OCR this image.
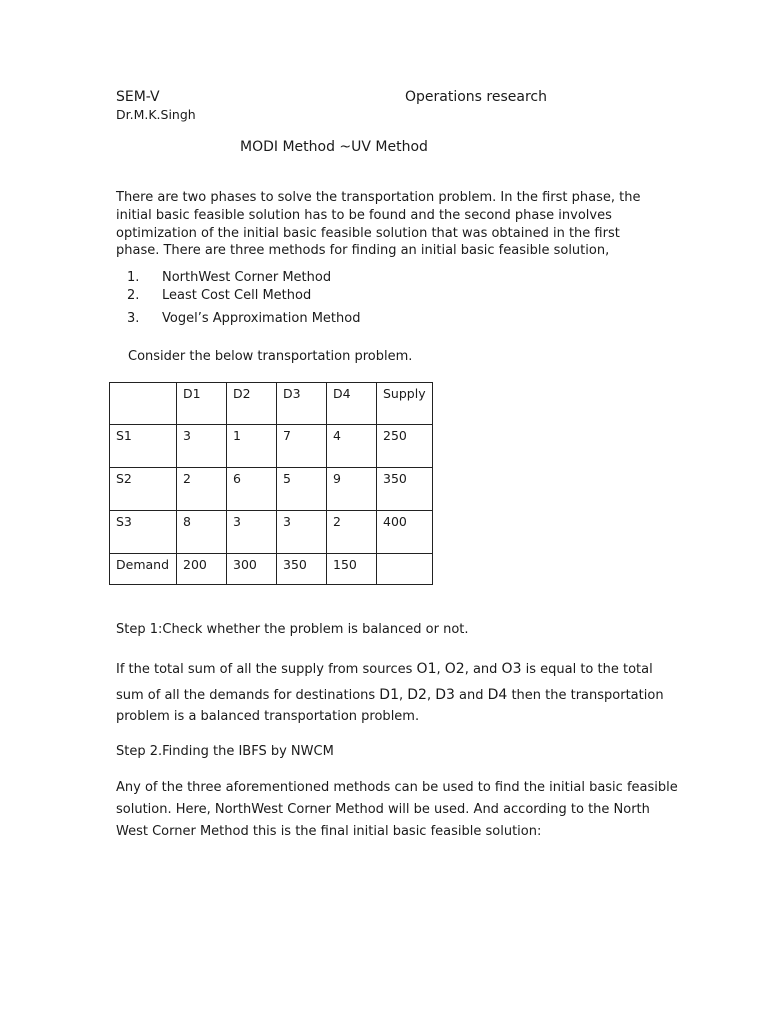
SEM-V	Operations research
Dr.M.K.Singh
MODI Method ~UV Method
There are two phases to solve the transportation problem. In the first phase, the initial basic feasible solution has to be found and the second phase involves optimization of the initial basic feasible solution that was obtained in the first phase. There are three methods for finding an initial basic feasible solution,
1. NorthWest Corner Method
2. Least Cost Cell Method
3. Vogel’s Approximation Method
Consider the below transportation problem.
	D1	D2	D3	D4	Supply
S1	3	1	7	4	250
S2	2	6	5	9	350
S3	8	3	3	2	400
Demand	200	300	350	150	
Step 1:Check whether the problem is balanced or not.
If the total sum of all the supply from sources O1, O2, and O3 is equal to the total
sum of all the demands for destinations D1, D2, D3 and D4 then the transportation
problem is a balanced transportation problem.
Step 2.Finding the IBFS by NWCM
Any of the three aforementioned methods can be used to find the initial basic feasible
solution. Here, NorthWest Corner Method will be used. And according to the North
West Corner Method this is the final initial basic feasible solution:
